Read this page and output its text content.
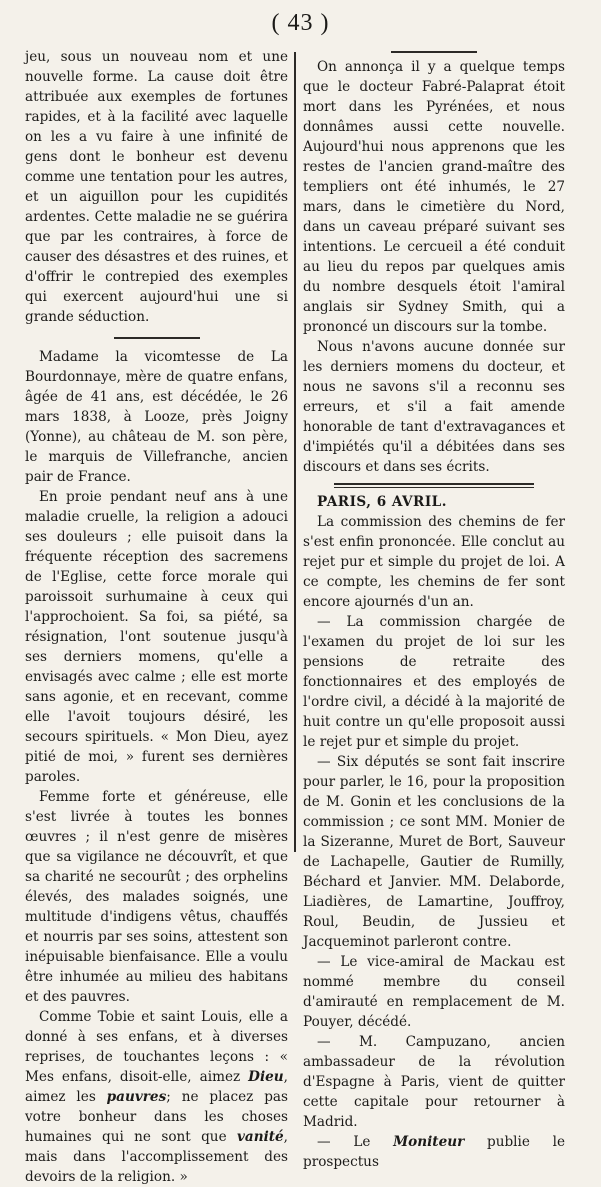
( 43 )

jeu, sous un nouveau nom et une nouvelle forme. La cause doit être attribuée aux exemples de fortunes rapides, et à la facilité avec laquelle on les a vu faire à une infinité de gens dont le bonheur est devenu comme une tentation pour les autres, et un aiguillon pour les cupidités ardentes. Cette maladie ne se guérira que par les contraires, à force de causer des désastres et des ruines, et d'offrir le contrepied des exemples qui exercent aujourd'hui une si grande séduction.

Madame la vicomtesse de La Bourdonnaye, mère de quatre enfans, âgée de 41 ans, est décédée, le 26 mars 1838, à Looze, près Joigny (Yonne), au château de M. son père, le marquis de Villefranche, ancien pair de France.

En proie pendant neuf ans à une maladie cruelle, la religion a adouci ses douleurs ; elle puisoit dans la fréquente réception des sacremens de l'Eglise, cette force morale qui paroissoit surhumaine à ceux qui l'approchoient. Sa foi, sa piété, sa résignation, l'ont soutenue jusqu'à ses derniers momens, qu'elle a envisagés avec calme ; elle est morte sans agonie, et en recevant, comme elle l'avoit toujours désiré, les secours spirituels. « Mon Dieu, ayez pitié de moi, » furent ses dernières paroles.

Femme forte et généreuse, elle s'est livrée à toutes les bonnes œuvres ; il n'est genre de misères que sa vigilance ne découvrît, et que sa charité ne secourût ; des orphelins élevés, des malades soignés, une multitude d'indigens vêtus, chauffés et nourris par ses soins, attestent son inépuisable bienfaisance. Elle a voulu être inhumée au milieu des habitans et des pauvres.

Comme Tobie et saint Louis, elle a donné à ses enfans, et à diverses reprises, de touchantes leçons : « Mes enfans, disoit-elle, aimez Dieu, aimez les pauvres; ne placez pas votre bonheur dans les choses humaines qui ne sont que vanité, mais dans l'accomplissement des devoirs de la religion. »

On annonça il y a quelque temps que le docteur Fabré-Palaprat étoit mort dans les Pyrénées, et nous donnâmes aussi cette nouvelle. Aujourd'hui nous apprenons que les restes de l'ancien grand-maître des templiers ont été inhumés, le 27 mars, dans le cimetière du Nord, dans un caveau préparé suivant ses intentions. Le cercueil a été conduit au lieu du repos par quelques amis du nombre desquels étoit l'amiral anglais sir Sydney Smith, qui a prononcé un discours sur la tombe.

Nous n'avons aucune donnée sur les derniers momens du docteur, et nous ne savons s'il a reconnu ses erreurs, et s'il a fait amende honorable de tant d'extravagances et d'impiétés qu'il a débitées dans ses discours et dans ses écrits.

PARIS, 6 AVRIL.

La commission des chemins de fer s'est enfin prononcée. Elle conclut au rejet pur et simple du projet de loi. A ce compte, les chemins de fer sont encore ajournés d'un an.

— La commission chargée de l'examen du projet de loi sur les pensions de retraite des fonctionnaires et des employés de l'ordre civil, a décidé à la majorité de huit contre un qu'elle proposoit aussi le rejet pur et simple du projet.

— Six députés se sont fait inscrire pour parler, le 16, pour la proposition de M. Gonin et les conclusions de la commission ; ce sont MM. Monier de la Sizeranne, Muret de Bort, Sauveur de Lachapelle, Gautier de Rumilly, Béchard et Janvier. MM. Delaborde, Liadières, de Lamartine, Jouffroy, Roul, Beudin, de Jussieu et Jacqueminot parleront contre.

— Le vice-amiral de Mackau est nommé membre du conseil d'amirauté en remplacement de M. Pouyer, décédé.

— M. Campuzano, ancien ambassadeur de la révolution d'Espagne à Paris, vient de quitter cette capitale pour retourner à Madrid.

— Le Moniteur publie le prospectus
